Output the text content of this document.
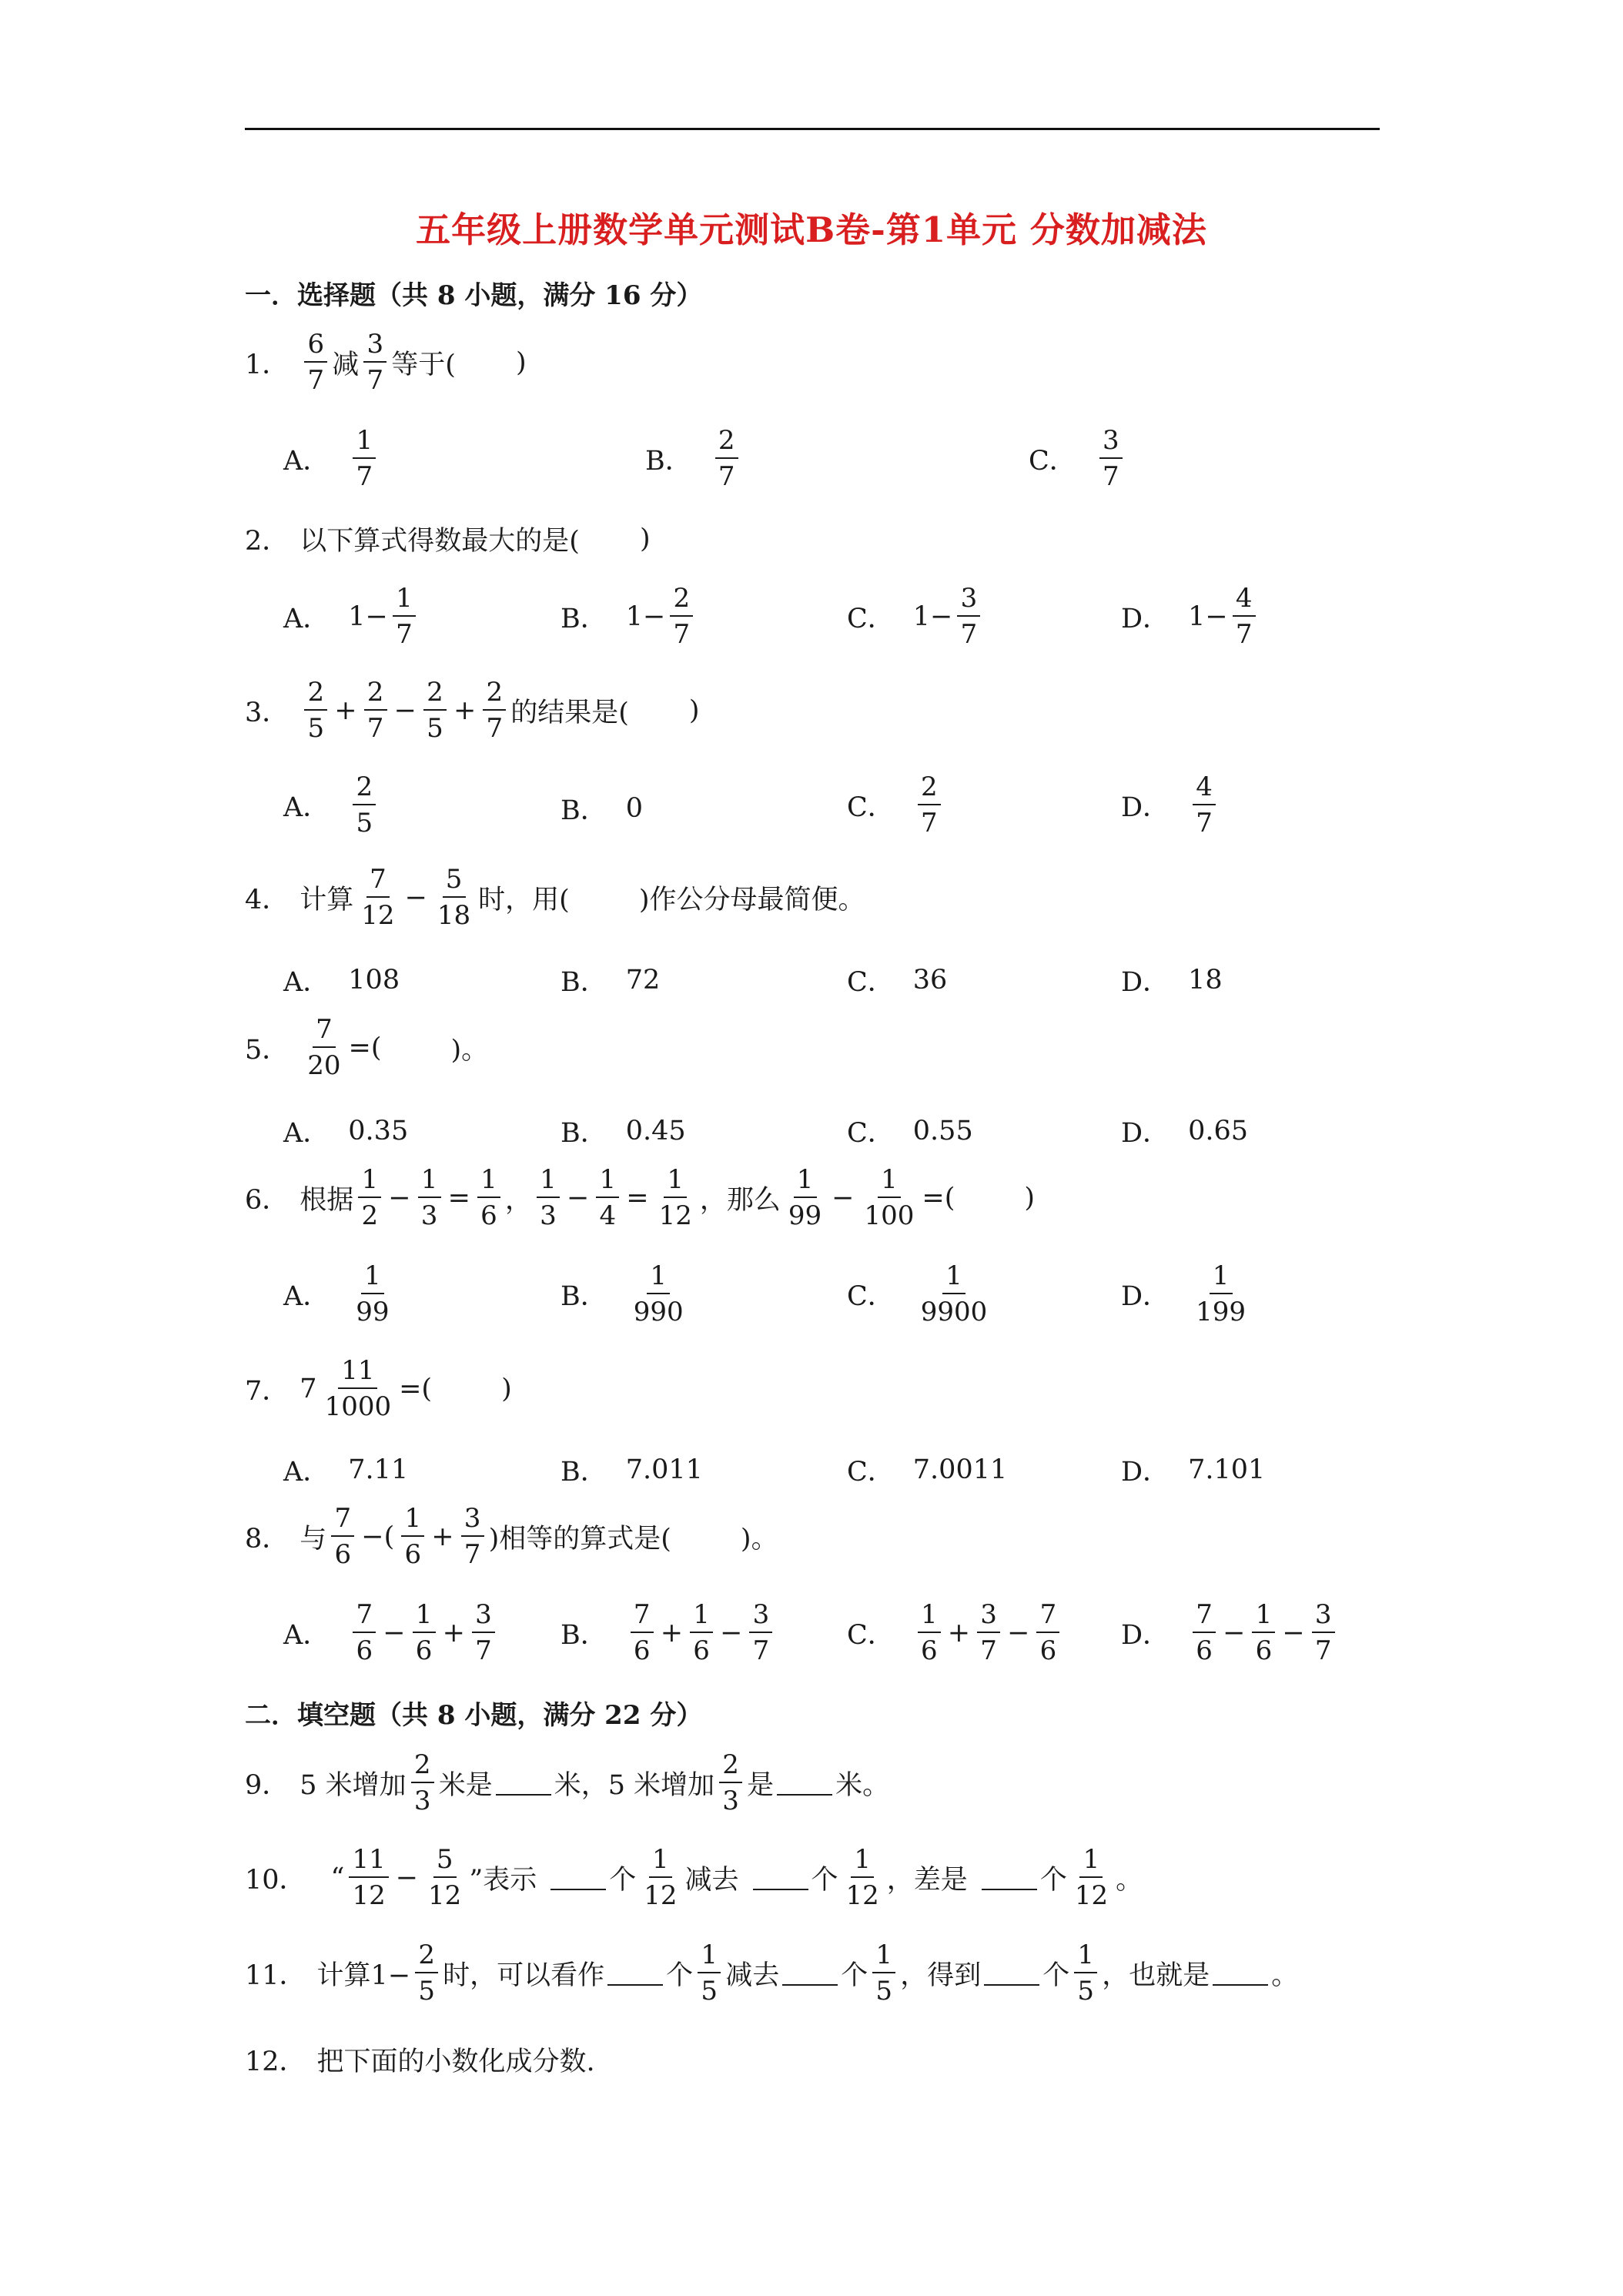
五年级上册数学单元测试B卷-第1单元 分数加减法
一．选择题（共 8 小题，满分 16 分）
1． $\frac{6}{7}$ 减 $\frac{3}{7}$ 等于( )
A． $\frac{1}{7}$	B． $\frac{2}{7}$	C． $\frac{3}{7}$
2． 以下算式得数最大的是( )
A． $1- \frac{1}{7}$	B． $1- \frac{2}{7}$	C． $1- \frac{3}{7}$	D． $1- \frac{4}{7}$
3． $\frac{2}{5} + \frac{2}{7} - \frac{2}{5} + \frac{2}{7}$ 的结果是( )
A． $\frac{2}{5}$	B． 0	C． $\frac{2}{7}$	D． $\frac{4}{7}$
4． 计算 $\frac{7}{12} - \frac{5}{18}$ 时，用(	)作公分母最简便。
A． 108	B． 72	C． 36	D． 18
5． $\frac{7}{20}$ =(	)。
A． 0.35	B． 0.45	C． 0.55	D． 0.65
6． 根据 $\frac{1}{2} - \frac{1}{3} = \frac{1}{6}$ ， $\frac{1}{3} - \frac{1}{4} = \frac{1}{12}$ ，那么 $\frac{1}{99} - \frac{1}{100}$ =(	)
A． $\frac{1}{99}$	B． $\frac{1}{990}$	C． $\frac{1}{9900}$	D． $\frac{1}{199}$
7． $7 \frac{11}{1000}$ =(	)
A． 7.11	B． 7.011	C． 7.0011	D． 7.101
8． 与 $\frac{7}{6}$ −( $\frac{1}{6} + \frac{3}{7}$ )相等的算式是(	)。
A． $\frac{7}{6} - \frac{1}{6} + \frac{3}{7}$ B． $\frac{7}{6} + \frac{1}{6} - \frac{3}{7}$	C． $\frac{1}{6} + \frac{3}{7} - \frac{7}{6}$ D． $\frac{7}{6} - \frac{1}{6} - \frac{3}{7}$
二．填空题（共 8 小题，满分 22 分）
9． 5 米增加 $\frac{2}{3}$ 米是 米，5 米增加 $\frac{2}{3}$ 是 米。
10． “ $\frac{11}{12} - \frac{5}{12}$ ”表示	个 $\frac{1}{12}$ 减去	个 $\frac{1}{12}$ ，差是	个 $\frac{1}{12}$ 。
11． 计算$1- \frac{2}{5}$ 时，可以看作 个 $\frac{1}{5}$ 减去 个 $\frac{1}{5}$ ，得到 个 $\frac{1}{5}$ ，也就是 。
12． 把下面的小数化成分数.
